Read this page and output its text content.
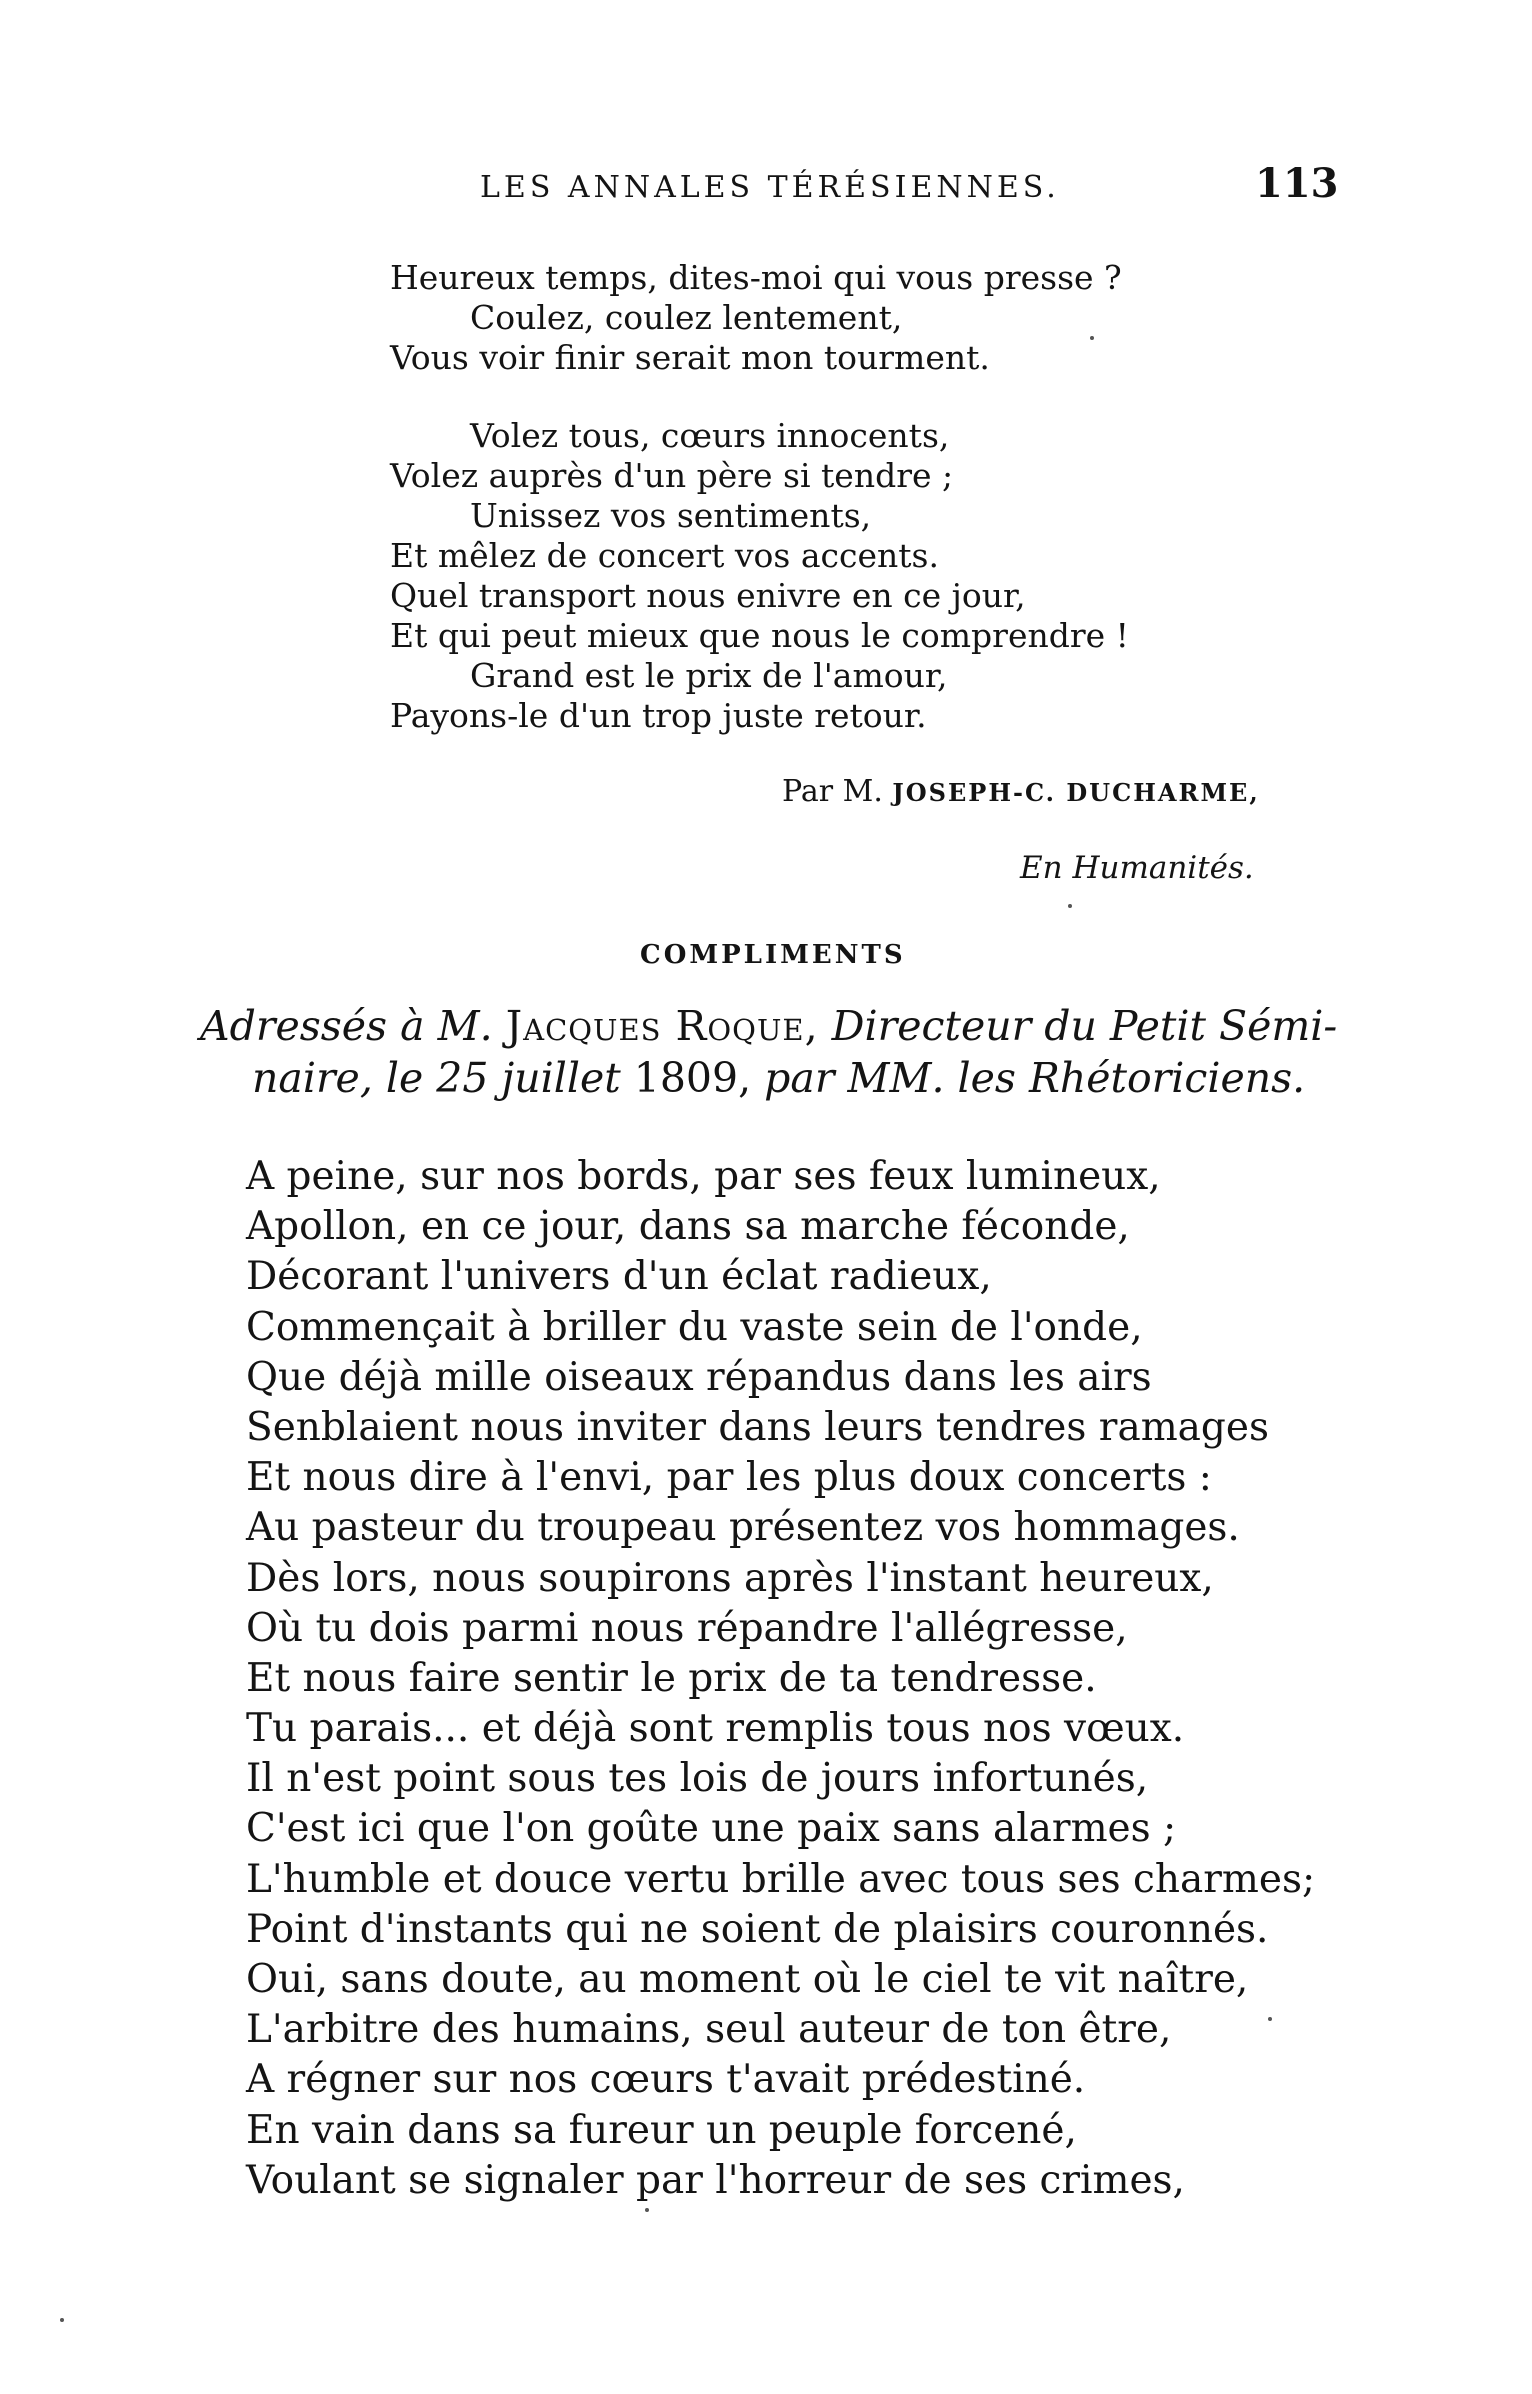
LES ANNALES TÉRÉSIENNES.	113
Heureux temps, dites-moi qui vous presse ?
Coulez, coulez lentement,
Vous voir finir serait mon tourment.
Volez tous, cœurs innocents,
Volez auprès d'un père si tendre ;
Unissez vos sentiments,
Et mêlez de concert vos accents.
Quel transport nous enivre en ce jour,
Et qui peut mieux que nous le comprendre !
Grand est le prix de l'amour,
Payons-le d'un trop juste retour.
Par M. JOSEPH-C. DUCHARME,
En Humanités.
COMPLIMENTS
Adressés à M. Jacques Roque, Directeur du Petit Sémi-
naire, le 25 juillet 1809, par MM. les Rhétoriciens.
A peine, sur nos bords, par ses feux lumineux,
Apollon, en ce jour, dans sa marche féconde,
Décorant l'univers d'un éclat radieux,
Commençait à briller du vaste sein de l'onde,
Que déjà mille oiseaux répandus dans les airs
Senblaient nous inviter dans leurs tendres ramages
Et nous dire à l'envi, par les plus doux concerts :
Au pasteur du troupeau présentez vos hommages.
Dès lors, nous soupirons après l'instant heureux,
Où tu dois parmi nous répandre l'allégresse,
Et nous faire sentir le prix de ta tendresse.
Tu parais... et déjà sont remplis tous nos vœux.
Il n'est point sous tes lois de jours infortunés,
C'est ici que l'on goûte une paix sans alarmes ;
L'humble et douce vertu brille avec tous ses charmes;
Point d'instants qui ne soient de plaisirs couronnés.
Oui, sans doute, au moment où le ciel te vit naître,
L'arbitre des humains, seul auteur de ton être,
A régner sur nos cœurs t'avait prédestiné.
En vain dans sa fureur un peuple forcené,
Voulant se signaler par l'horreur de ses crimes,
